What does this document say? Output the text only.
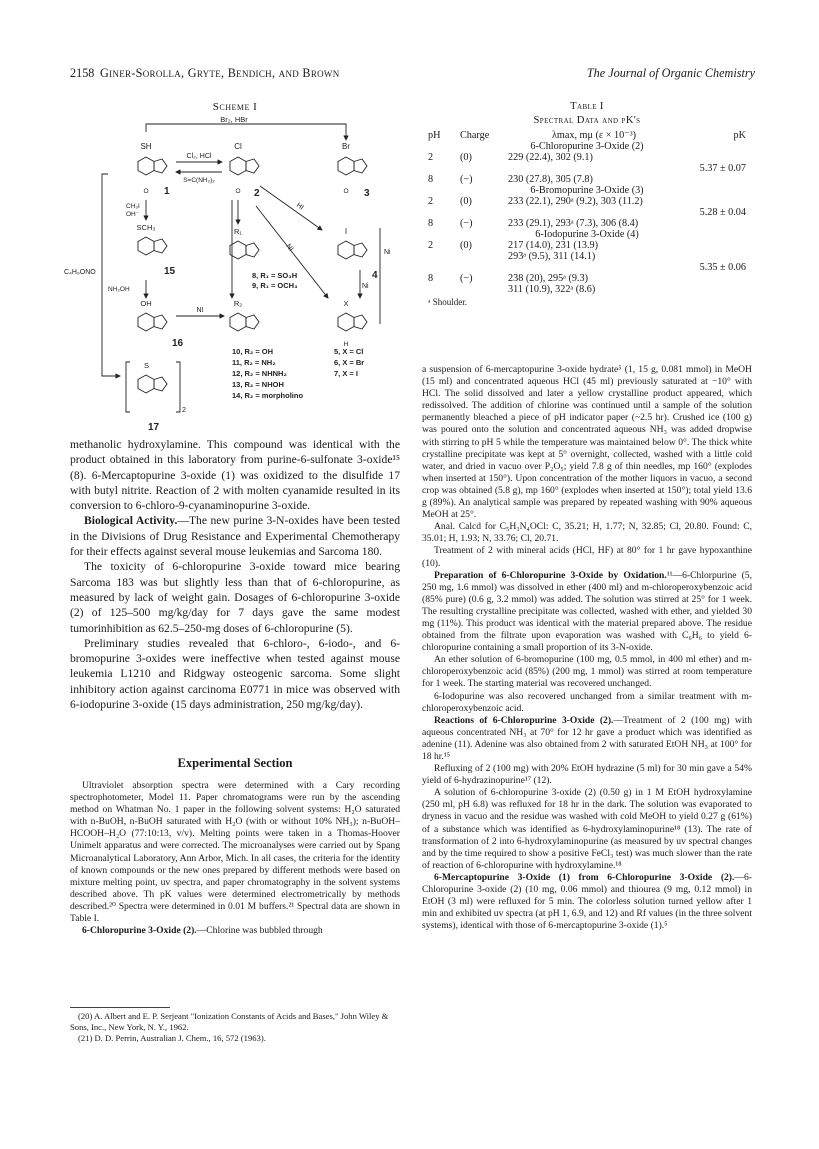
2158 Giner-Sorolla, Gryte, Bendich, and Brown	The Journal of Organic Chemistry
Scheme I
Br₂, HBr
SH
O 1
Cl₂, HCl
S=C(NH₂)₂
Cl
O 2
Br
O 3
CH₃I
OH⁻
SCH₃
15
C₄H₉ONO
NH₂OH
OH
16
NI
S
2
17
HI
NI
R₁
8, R₁ = SO₃H
9, R₁ = OCH₃
I
4
Ni
Ni
R₂
10, R₂ = OH
11, R₂ = NH₂
12, R₂ = NHNH₂
13, R₂ = NHOH
14, R₂ = morpholino
X
H
5, X = Cl
6, X = Br
7, X = I

methanolic hydroxylamine. This compound was identical with the product obtained in this laboratory from purine-6-sulfonate 3-oxide¹⁵ (8). 6-Mercaptopurine 3-oxide (1) was oxidized to the disulfide 17 with butyl nitrite. Reaction of 2 with molten cyanamide resulted in its conversion to 6-chloro-9-cyanaminopurine 3-oxide.

Biological Activity.—The new purine 3-N-oxides have been tested in the Divisions of Drug Resistance and Experimental Chemotherapy for their effects against several mouse leukemias and Sarcoma 180.

The toxicity of 6-chloropurine 3-oxide toward mice bearing Sarcoma 183 was but slightly less than that of 6-chloropurine, as measured by lack of weight gain. Dosages of 6-chloropurine 3-oxide (2) of 125–500 mg/kg/day for 7 days gave the same modest tumorinhibition as 62.5–250-mg doses of 6-chloropurine (5).

Preliminary studies revealed that 6-chloro-, 6-iodo-, and 6-bromopurine 3-oxides were ineffective when tested against mouse leukemia L1210 and Ridgway osteogenic sarcoma. Some slight inhibitory action against carcinoma E0771 in mice was observed with 6-iodopurine 3-oxide (15 days administration, 250 mg/kg/day).

Experimental Section

Ultraviolet absorption spectra were determined with a Cary recording spectrophotometer, Model 11. Paper chromatograms were run by the ascending method on Whatman No. 1 paper in the following solvent systems: H₂O saturated with n-BuOH, n-BuOH saturated with H₂O (with or without 10% NH₃); n-BuOH–HCOOH–H₂O (77:10:13, v/v). Melting points were taken in a Thomas-Hoover Unimelt apparatus and were corrected. The microanalyses were carried out by Spang Microanalytical Laboratory, Ann Arbor, Mich. In all cases, the criteria for the identity of known compounds or the new ones prepared by different methods were based on mixture melting point, uv spectra, and paper chromatography in the solvent systems described above. Th pK values were determined electrometrically by methods described.²⁰ Spectra were determined in 0.01 M buffers.²¹ Spectral data are shown in Table I.

6-Chloropurine 3-Oxide (2).—Chlorine was bubbled through

(20) A. Albert and E. P. Serjeant "Ionization Constants of Acids and Bases," John Wiley & Sons, Inc., New York, N. Y., 1962.

(21) D. D. Perrin, Australian J. Chem., 16, 572 (1963).

Table I
Spectral Data and pK's
pH	Charge	λmax, mμ (ε × 10⁻³)	pK
6-Chloropurine 3-Oxide (2)			
2	(0)	229 (22.4), 302 (9.1)	
			5.37 ± 0.07
8	(−)	230 (27.8), 305 (7.8)	
6-Bromopurine 3-Oxide (3)			
2	(0)	233 (22.1), 290ᵃ (9.2), 303 (11.2)	
			5.28 ± 0.04
8	(−)	233 (29.1), 293ᵃ (7.3), 306 (8.4)	
6-Iodopurine 3-Oxide (4)			
2	(0)	217 (14.0), 231 (13.9)	
		293ᵃ (9.5), 311 (14.1)	
			5.35 ± 0.06
8	(−)	238 (20), 295ᵃ (9.3)	
		311 (10.9), 322ᵃ (8.6)	
ᵃ Shoulder.			

a suspension of 6-mercaptopurine 3-oxide hydrate⁵ (1, 15 g, 0.081 mmol) in MeOH (15 ml) and concentrated aqueous HCl (45 ml) previously saturated at −10° with HCl. The solid dissolved and later a yellow crystalline product appeared, which redissolved. The addition of chlorine was continued until a sample of the solution permanently bleached a piece of pH indicator paper (~2.5 hr). Crushed ice (100 g) was poured onto the solution and concentrated aqueous NH₃ was added dropwise with stirring to pH 5 while the temperature was maintained below 0°. The thick white crystalline precipitate was kept at 5° overnight, collected, washed with a little cold water, and dried in vacuo over P₂O₅; yield 7.8 g of thin needles, mp 160° (explodes when inserted at 150°). Upon concentration of the mother liquors in vacuo, a second crop was obtained (5.8 g), mp 160° (explodes when inserted at 150°); total yield 13.6 g (89%). An analytical sample was prepared by repeated washing with 90% aqueous MeOH at 25°.

Anal. Calcd for C₅H₃N₄OCl: C, 35.21; H, 1.77; N, 32.85; Cl, 20.80. Found: C, 35.01; H, 1.93; N, 33.76; Cl, 20.71.

Treatment of 2 with mineral acids (HCl, HF) at 80° for 1 hr gave hypoxanthine (10).

Preparation of 6-Chloropurine 3-Oxide by Oxidation.¹¹—6-Chlorpurine (5, 250 mg, 1.6 mmol) was dissolved in ether (400 ml) and m-chloroperoxybenzoic acid (85% pure) (0.6 g, 3.2 mmol) was added. The solution was stirred at 25° for 1 week. The resulting crystalline precipitate was collected, washed with ether, and yielded 30 mg (11%). This product was identical with the material prepared above. The residue obtained from the filtrate upon evaporation was washed with C₆H₆ to yield 6-chloropurine containing a small proportion of its 3-N-oxide.

An ether solution of 6-bromopurine (100 mg, 0.5 mmol, in 400 ml ether) and m-chloroperoxybenzoic acid (85%) (200 mg, 1 mmol) was stirred at room temperature for 1 week. The starting material was recovered unchanged.

6-Iodopurine was also recovered unchanged from a similar treatment with m-chloroperoxybenzoic acid.

Reactions of 6-Chloropurine 3-Oxide (2).—Treatment of 2 (100 mg) with aqueous concentrated NH₃ at 70° for 12 hr gave a product which was identified as adenine (11). Adenine was also obtained from 2 with saturated EtOH NH₃ at 100° for 18 hr.¹⁵

Refluxing of 2 (100 mg) with 20% EtOH hydrazine (5 ml) for 30 min gave a 54% yield of 6-hydrazinopurine¹⁷ (12).

A solution of 6-chloropurine 3-oxide (2) (0.50 g) in 1 M EtOH hydroxylamine (250 ml, pH 6.8) was refluxed for 18 hr in the dark. The solution was evaporated to dryness in vacuo and the residue was washed with cold MeOH to yield 0.27 g (61%) of a substance which was identified as 6-hydroxylaminopurine¹⁸ (13). The rate of transformation of 2 into 6-hydroxylaminopurine (as measured by uv spectral changes and by the time required to show a positive FeCl₃ test) was much slower than the rate of reaction of 6-chloropurine with hydroxylamine.¹⁸

6-Mercaptopurine 3-Oxide (1) from 6-Chloropurine 3-Oxide (2).—6-Chloropurine 3-oxide (2) (10 mg, 0.06 mmol) and thiourea (9 mg, 0.12 mmol) in EtOH (3 ml) were refluxed for 5 min. The colorless solution turned yellow after 1 min and exhibited uv spectra (at pH 1, 6.9, and 12) and Rf values (in the three solvent systems), identical with those of 6-mercaptopurine 3-oxide (1).⁵
